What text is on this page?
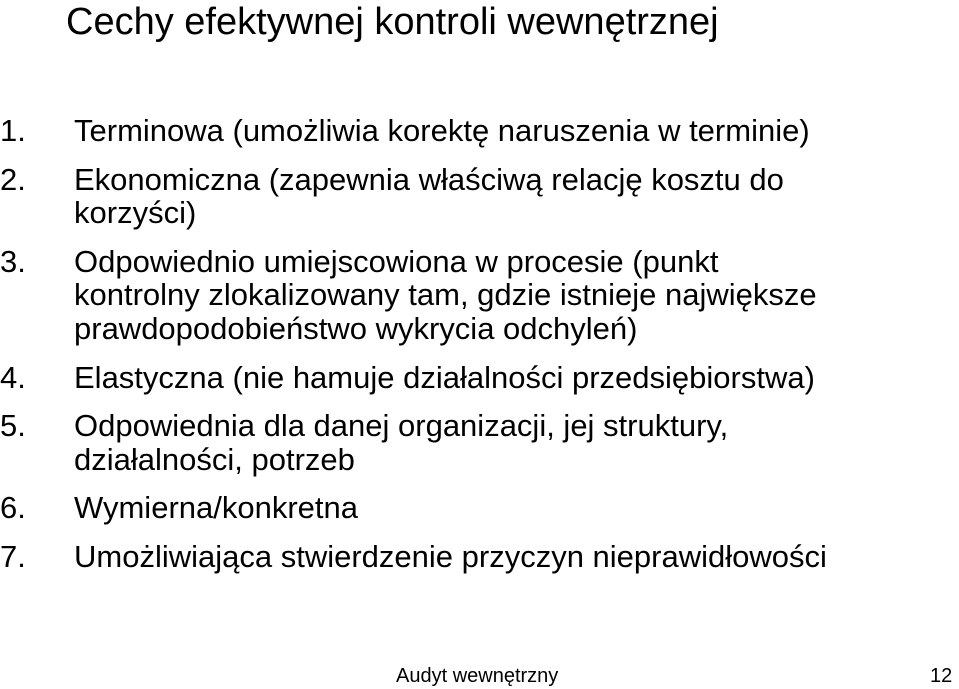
Cechy efektywnej kontroli wewnętrznej
1. Terminowa (umożliwia korektę naruszenia w terminie)
2. Ekonomiczna (zapewnia właściwą relację kosztu do
korzyści)
3. Odpowiednio umiejscowiona w procesie (punkt
kontrolny zlokalizowany tam, gdzie istnieje największe
prawdopodobieństwo wykrycia odchyleń)
4. Elastyczna (nie hamuje działalności przedsiębiorstwa)
5. Odpowiednia dla danej organizacji, jej struktury,
działalności, potrzeb
6. Wymierna/konkretna
7. Umożliwiająca stwierdzenie przyczyn nieprawidłowości
Audyt wewnętrzny	12
